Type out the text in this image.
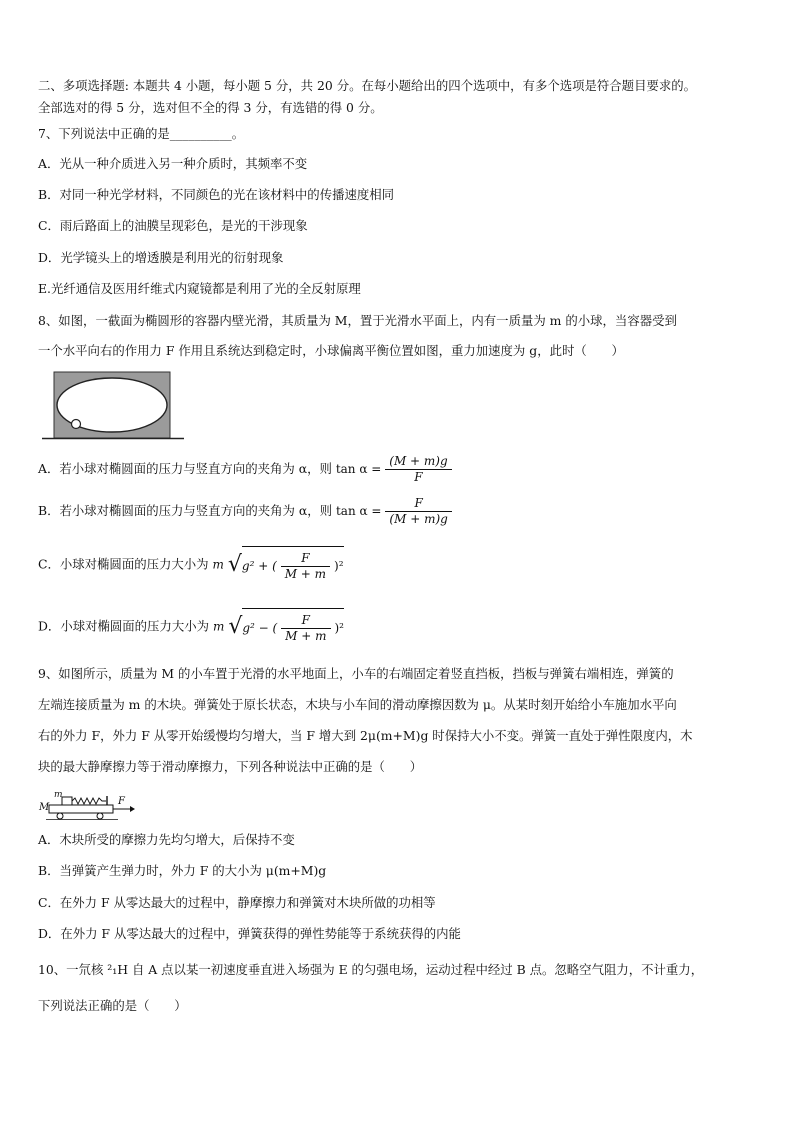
二、多项选择题: 本题共 4 小题，每小题 5 分，共 20 分。在每小题给出的四个选项中，有多个选项是符合题目要求的。
全部选对的得 5 分，选对但不全的得 3 分，有选错的得 0 分。
7、下列说法中正确的是__________。
A．光从一种介质进入另一种介质时，其频率不变
B．对同一种光学材料，不同颜色的光在该材料中的传播速度相同
C．雨后路面上的油膜呈现彩色，是光的干涉现象
D．光学镜头上的增透膜是利用光的衍射现象
E.光纤通信及医用纤维式内窥镜都是利用了光的全反射原理
8、如图，一截面为椭圆形的容器内壁光滑，其质量为 M，置于光滑水平面上，内有一质量为 m 的小球，当容器受到
一个水平向右的作用力 F 作用且系统达到稳定时，小球偏离平衡位置如图，重力加速度为 g，此时（　　）
A．若小球对椭圆面的压力与竖直方向的夹角为 α，则 $\tan \alpha = \frac{(M + m)g}{F}$
B．若小球对椭圆面的压力与竖直方向的夹角为 α，则 $\tan \alpha = \frac{F}{(M + m)g}$
C．小球对椭圆面的压力大小为 m √g² + ( $\frac{F}{M + m} )^2$
D．小球对椭圆面的压力大小为 m √g² − ( $\frac{F}{M + m} )^2$
9、如图所示，质量为 M 的小车置于光滑的水平地面上，小车的右端固定着竖直挡板，挡板与弹簧右端相连，弹簧的
左端连接质量为 m 的木块。弹簧处于原长状态，木块与小车间的滑动摩擦因数为 μ。从某时刻开始给小车施加水平向
右的外力 F，外力 F 从零开始缓慢均匀增大，当 F 增大到 2μ(m+M)g 时保持大小不变。弹簧一直处于弹性限度内，木
块的最大静摩擦力等于滑动摩擦力，下列各种说法中正确的是（　　）
M
m
F
A．木块所受的摩擦力先均匀增大，后保持不变
B．当弹簧产生弹力时，外力 F 的大小为 μ(m+M)g
C．在外力 F 从零达最大的过程中，静摩擦力和弹簧对木块所做的功相等
D．在外力 F 从零达最大的过程中，弹簧获得的弹性势能等于系统获得的内能
10、一氘核 ²₁H 自 A 点以某一初速度垂直进入场强为 E 的匀强电场，运动过程中经过 B 点。忽略空气阻力，不计重力，
下列说法正确的是（　　）
